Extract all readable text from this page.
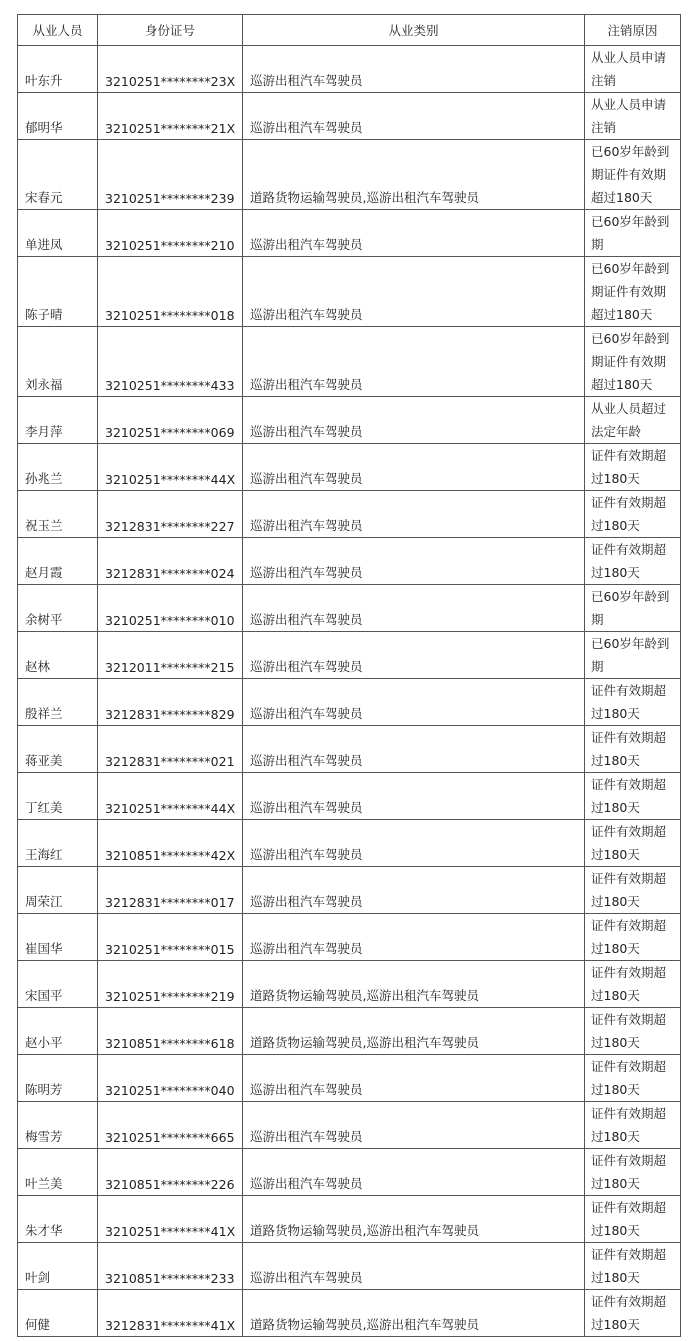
从业人员	身份证号	从业类别	注销原因
叶东升	3210251********23X	巡游出租汽车驾驶员	从业人员申请
注销
郁明华	3210251********21X	巡游出租汽车驾驶员	从业人员申请
注销
宋春元	3210251********239	道路货物运输驾驶员,巡游出租汽车驾驶员	已60岁年龄到
期证件有效期
超过180天
单进凤	3210251********210	巡游出租汽车驾驶员	已60岁年龄到
期
陈子晴	3210251********018	巡游出租汽车驾驶员	已60岁年龄到
期证件有效期
超过180天
刘永福	3210251********433	巡游出租汽车驾驶员	已60岁年龄到
期证件有效期
超过180天
李月萍	3210251********069	巡游出租汽车驾驶员	从业人员超过
法定年龄
孙兆兰	3210251********44X	巡游出租汽车驾驶员	证件有效期超
过180天
祝玉兰	3212831********227	巡游出租汽车驾驶员	证件有效期超
过180天
赵月霞	3212831********024	巡游出租汽车驾驶员	证件有效期超
过180天
余树平	3210251********010	巡游出租汽车驾驶员	已60岁年龄到
期
赵林	3212011********215	巡游出租汽车驾驶员	已60岁年龄到
期
殷祥兰	3212831********829	巡游出租汽车驾驶员	证件有效期超
过180天
蒋亚美	3212831********021	巡游出租汽车驾驶员	证件有效期超
过180天
丁红美	3210251********44X	巡游出租汽车驾驶员	证件有效期超
过180天
王海红	3210851********42X	巡游出租汽车驾驶员	证件有效期超
过180天
周荣江	3212831********017	巡游出租汽车驾驶员	证件有效期超
过180天
崔国华	3210251********015	巡游出租汽车驾驶员	证件有效期超
过180天
宋国平	3210251********219	道路货物运输驾驶员,巡游出租汽车驾驶员	证件有效期超
过180天
赵小平	3210851********618	道路货物运输驾驶员,巡游出租汽车驾驶员	证件有效期超
过180天
陈明芳	3210251********040	巡游出租汽车驾驶员	证件有效期超
过180天
梅雪芳	3210251********665	巡游出租汽车驾驶员	证件有效期超
过180天
叶兰美	3210851********226	巡游出租汽车驾驶员	证件有效期超
过180天
朱才华	3210251********41X	道路货物运输驾驶员,巡游出租汽车驾驶员	证件有效期超
过180天
叶剑	3210851********233	巡游出租汽车驾驶员	证件有效期超
过180天
何健	3212831********41X	道路货物运输驾驶员,巡游出租汽车驾驶员	证件有效期超
过180天
